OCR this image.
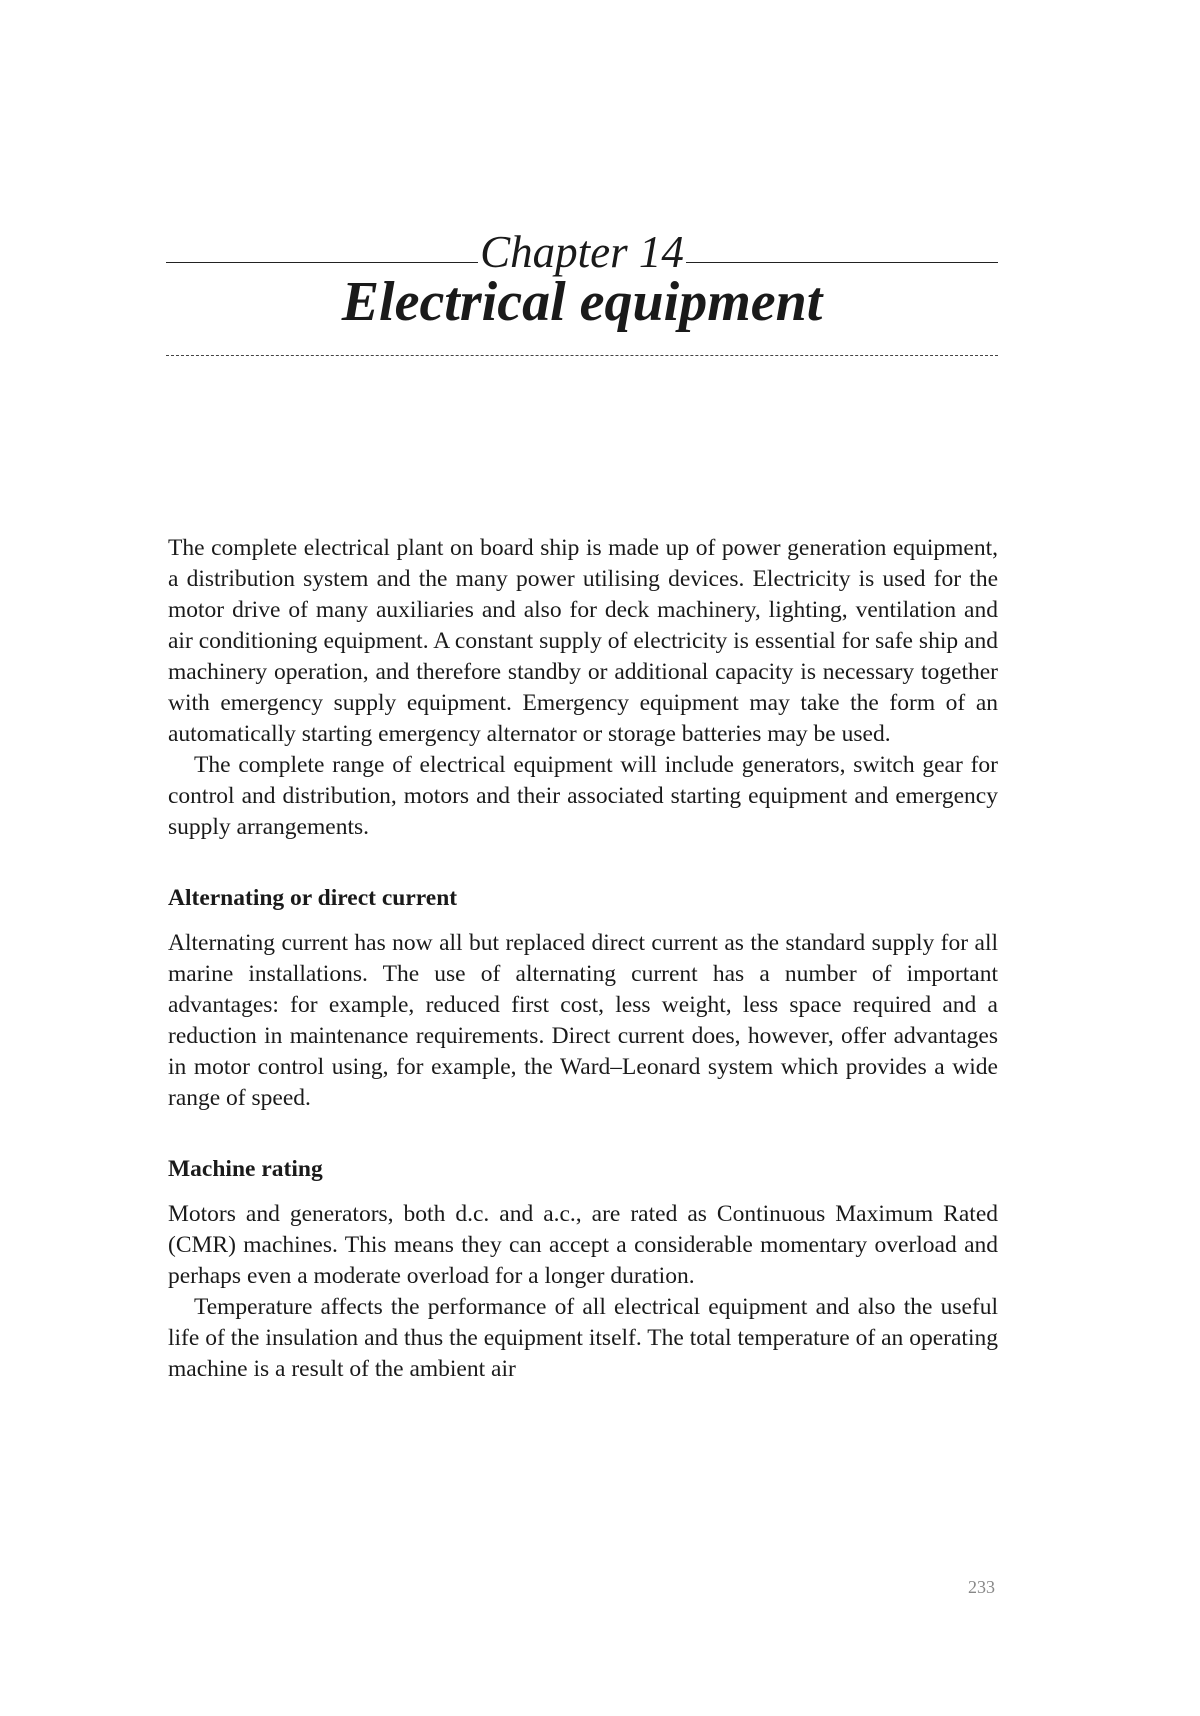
Chapter 14
Electrical equipment

The complete electrical plant on board ship is made up of power generation equipment, a distribution system and the many power utilising devices. Electricity is used for the motor drive of many auxiliaries and also for deck machinery, lighting, ventilation and air conditioning equipment. A constant supply of electricity is essential for safe ship and machinery operation, and therefore standby or additional capacity is necessary together with emergency supply equipment. Emergency equipment may take the form of an automatically starting emergency alternator or storage batteries may be used.

The complete range of electrical equipment will include generators, switch gear for control and distribution, motors and their associated starting equipment and emergency supply arrangements.

Alternating or direct current

Alternating current has now all but replaced direct current as the standard supply for all marine installations. The use of alternating current has a number of important advantages: for example, reduced first cost, less weight, less space required and a reduction in maintenance requirements. Direct current does, however, offer advantages in motor control using, for example, the Ward–Leonard system which provides a wide range of speed.

Machine rating

Motors and generators, both d.c. and a.c., are rated as Continuous Maximum Rated (CMR) machines. This means they can accept a considerable momentary overload and perhaps even a moderate overload for a longer duration.

Temperature affects the performance of all electrical equipment and also the useful life of the insulation and thus the equipment itself. The total temperature of an operating machine is a result of the ambient air

233
